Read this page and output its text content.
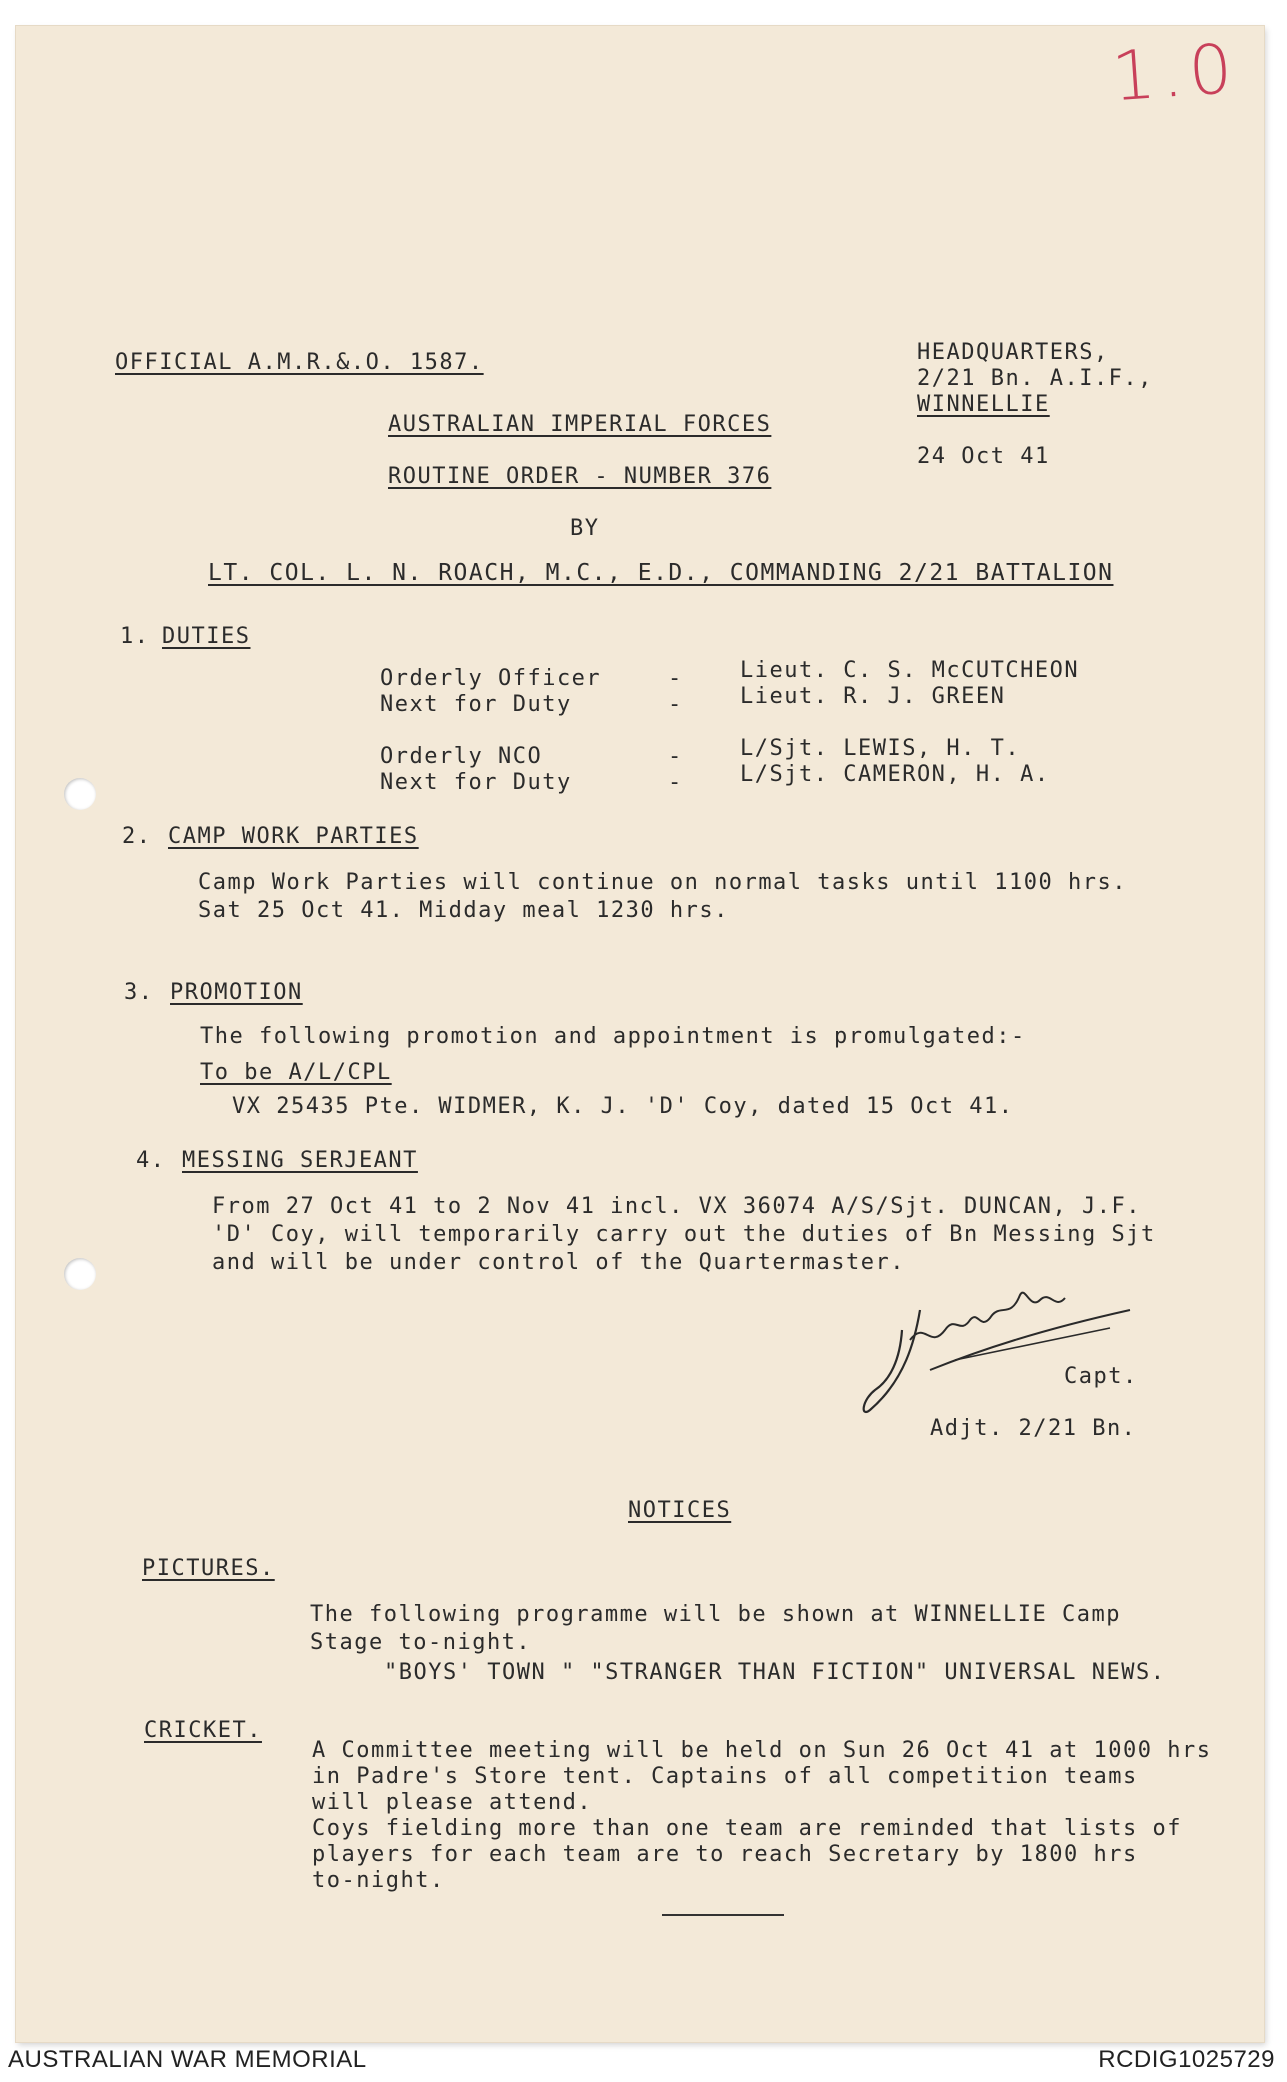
1.0
OFFICIAL A.M.R.&.O. 1587.	HEADQUARTERS,
2/21 Bn. A.I.F.,
WINNELLIE
24 Oct 41
AUSTRALIAN IMPERIAL FORCES
ROUTINE ORDER - NUMBER 376
BY
LT. COL. L. N. ROACH, M.C., E.D., COMMANDING 2/21 BATTALION
1. DUTIES
Orderly Officer	-	Lieut. C. S. McCUTCHEON
Next for Duty	-	Lieut. R. J. GREEN
Orderly NCO	-	L/Sjt. LEWIS, H. T.
Next for Duty	-	L/Sjt. CAMERON, H. A.
2. CAMP WORK PARTIES
Camp Work Parties will continue on normal tasks until 1100 hrs.
Sat 25 Oct 41. Midday meal 1230 hrs.
3. PROMOTION
The following promotion and appointment is promulgated:-
To be A/L/CPL
VX 25435 Pte. WIDMER, K. J. 'D' Coy, dated 15 Oct 41.
4. MESSING SERJEANT
From 27 Oct 41 to 2 Nov 41 incl. VX 36074 A/S/Sjt. DUNCAN, J.F.
'D' Coy, will temporarily carry out the duties of Bn Messing Sjt
and will be under control of the Quartermaster.
Capt.
Adjt. 2/21 Bn.
NOTICES
PICTURES.
The following programme will be shown at WINNELLIE Camp
Stage to-night.
"BOYS' TOWN " "STRANGER THAN FICTION" UNIVERSAL NEWS.
CRICKET.
A Committee meeting will be held on Sun 26 Oct 41 at 1000 hrs
in Padre's Store tent. Captains of all competition teams
will please attend.
Coys fielding more than one team are reminded that lists of
players for each team are to reach Secretary by 1800 hrs
to-night.
AUSTRALIAN WAR MEMORIAL	RCDIG1025729
